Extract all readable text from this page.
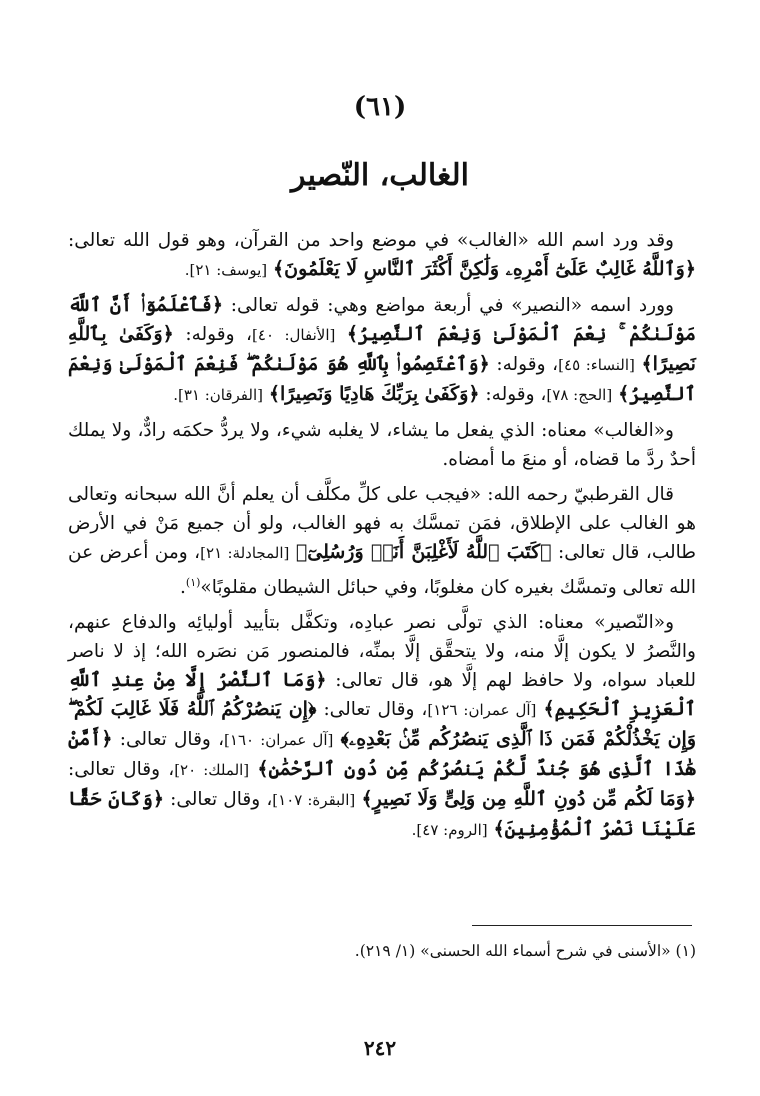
(٦١)
الغالب، النّصير

وقد ورد اسم الله «الغالب» في موضع واحد من القرآن، وهو قول الله تعالى: ﴿وَٱللَّهُ غَالِبٌ عَلَىٰٓ أَمْرِهِۦ وَلَٰكِنَّ أَكْثَرَ ٱلنَّاسِ لَا يَعْلَمُونَ﴾ [يوسف: ٢١].

وورد اسمه «النصير» في أربعة مواضع وهي: قوله تعالى: ﴿فَٱعْلَمُوٓا۟ أَنَّ ٱللَّهَ مَوْلَىٰكُمْ ۚ نِعْمَ ٱلْمَوْلَىٰ وَنِعْمَ ٱلنَّصِيرُ﴾ [الأنفال: ٤٠]، وقوله: ﴿وَكَفَىٰ بِٱللَّهِ نَصِيرًا﴾ [النساء: ٤٥]، وقوله: ﴿وَٱعْتَصِمُوا۟ بِٱللَّهِ هُوَ مَوْلَىٰكُمْ ۖ فَنِعْمَ ٱلْمَوْلَىٰ وَنِعْمَ ٱلنَّصِيرُ﴾ [الحج: ٧٨]، وقوله: ﴿وَكَفَىٰ بِرَبِّكَ هَادِيًا وَنَصِيرًا﴾ [الفرقان: ٣١].

و«الغالب» معناه: الذي يفعل ما يشاء، لا يغلبه شيء، ولا يردُّ حكمَه رادٌّ، ولا يملك أحدٌ ردَّ ما قضاه، أو منعَ ما أمضاه.

قال القرطبيّ رحمه الله: «فيجب على كلِّ مكلَّف أن يعلم أنَّ الله سبحانه وتعالى هو الغالب على الإطلاق، فمَن تمسَّك به فهو الغالب، ولو أن جميع مَنْ في الأرض طالب، قال تعالى: ﴿كَتَبَ ٱللَّهُ لَأَغْلِبَنَّ أَنَا۠ وَرُسُلِىٓ﴾ [المجادلة: ٢١]، ومن أعرض عن الله تعالى وتمسَّك بغيره كان مغلوبًا، وفي حبائل الشيطان مقلوبًا»$^{(١)}$.

و«النّصير» معناه: الذي تولَّى نصر عبادِه، وتكفَّل بتأييد أوليائِه والدفاع عنهم، والنَّصرُ لا يكون إلَّا منه، ولا يتحقَّق إلَّا بمنِّه، فالمنصور مَن نصَره الله؛ إذ لا ناصر للعباد سواه، ولا حافظ لهم إلَّا هو، قال تعالى: ﴿وَمَا ٱلنَّصْرُ إِلَّا مِنْ عِندِ ٱللَّهِ ٱلْعَزِيزِ ٱلْحَكِيمِ﴾ [آل عمران: ١٢٦]، وقال تعالى: ﴿إِن يَنصُرْكُمُ ٱللَّهُ فَلَا غَالِبَ لَكُمْ ۖ وَإِن يَخْذُلْكُمْ فَمَن ذَا ٱلَّذِى يَنصُرُكُم مِّنۢ بَعْدِهِۦ﴾ [آل عمران: ١٦٠]، وقال تعالى: ﴿أَمَّنْ هَٰذَا ٱلَّذِى هُوَ جُندٌ لَّكُمْ يَنصُرُكُم مِّن دُونِ ٱلرَّحْمَٰنِ﴾ [الملك: ٢٠]، وقال تعالى: ﴿وَمَا لَكُم مِّن دُونِ ٱللَّهِ مِن وَلِىٍّ وَلَا نَصِيرٍ﴾ [البقرة: ١٠٧]، وقال تعالى: ﴿وَكَانَ حَقًّا عَلَيْنَا نَصْرُ ٱلْمُؤْمِنِينَ﴾ [الروم: ٤٧].

(١) «الأسنى في شرح أسماء الله الحسنى» (١/ ٢١٩).
٢٤٢
